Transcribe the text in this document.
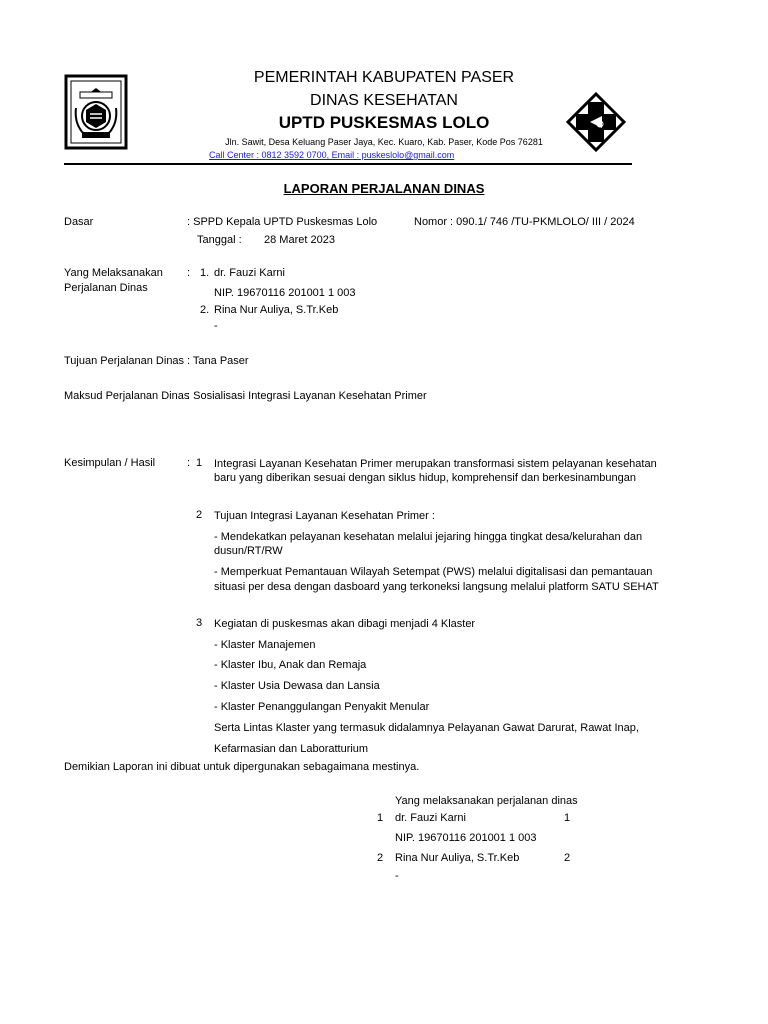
PEMERINTAH KABUPATEN PASER
DINAS KESEHATAN
UPTD PUSKESMAS LOLO
Jln. Sawit, Desa Keluang Paser Jaya, Kec. Kuaro, Kab. Paser, Kode Pos 76281
Call Center : 0812 3592 0700, Email : puskeslolo@gmail.com
LAPORAN PERJALANAN DINAS
Dasar	: SPPD Kepala UPTD Puskesmas Lolo	Nomor : 090.1/ 746 /TU-PKMLOLO/ III / 2024
Tanggal : 28 Maret 2023
Yang Melaksanakan
Perjalanan Dinas
: 1. dr. Fauzi Karni
NIP. 19670116 201001 1 003
2. Rina Nur Auliya, S.Tr.Keb
-
Tujuan Perjalanan Dinas : Tana Paser
Maksud Perjalanan Dinas
: Sosialisasi Integrasi Layanan Kesehatan Primer
Kesimpulan / Hasil	: 1 Integrasi Layanan Kesehatan Primer merupakan transformasi sistem pelayanan kesehatan
baru yang diberikan sesuai dengan siklus hidup, komprehensif dan berkesinambungan
2 Tujuan Integrasi Layanan Kesehatan Primer :
- Mendekatkan pelayanan kesehatan melalui jejaring hingga tingkat desa/kelurahan dan
dusun/RT/RW
- Memperkuat Pemantauan Wilayah Setempat (PWS) melalui digitalisasi dan pemantauan
situasi per desa dengan dasboard yang terkoneksi langsung melalui platform SATU SEHAT
3 Kegiatan di puskesmas akan dibagi menjadi 4 Klaster
- Klaster Manajemen
- Klaster Ibu, Anak dan Remaja
- Klaster Usia Dewasa dan Lansia
- Klaster Penanggulangan Penyakit Menular
Serta Lintas Klaster yang termasuk didalamnya Pelayanan Gawat Darurat, Rawat Inap,
Kefarmasian dan Laboratturium
Demikian Laporan ini dibuat untuk dipergunakan sebagaimana mestinya.
Yang melaksanakan perjalanan dinas
1 dr. Fauzi Karni	1
NIP. 19670116 201001 1 003
2 Rina Nur Auliya, S.Tr.Keb	2
-
